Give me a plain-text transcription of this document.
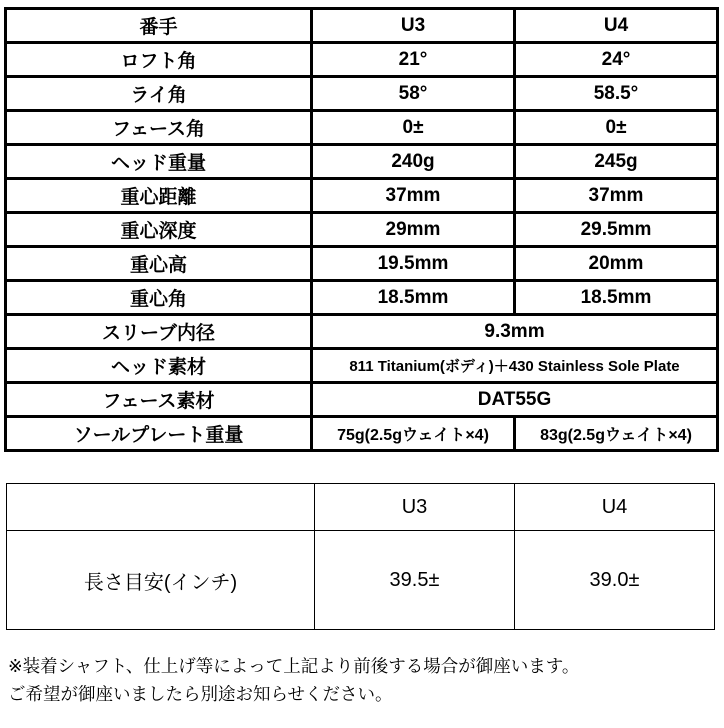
番手	U3	U4
ロフト角	21°	24°
ライ角	58°	58.5°
フェース角	0±	0±
ヘッド重量	240g	245g
重心距離	37mm	37mm
重心深度	29mm	29.5mm
重心高	19.5mm	20mm
重心角	18.5mm	18.5mm
スリーブ内径	9.3mm	
ヘッド素材	811 Titanium(ボディ)＋430 Stainless Sole Plate	
フェース素材	DAT55G	
ソールプレート重量	75g(2.5gウェイト×4)	83g(2.5gウェイト×4)
	U3	U4
長さ目安(インチ)	39.5±	39.0±
※装着シャフト、仕上げ等によって上記より前後する場合が御座います。
ご希望が御座いましたら別途お知らせください。
